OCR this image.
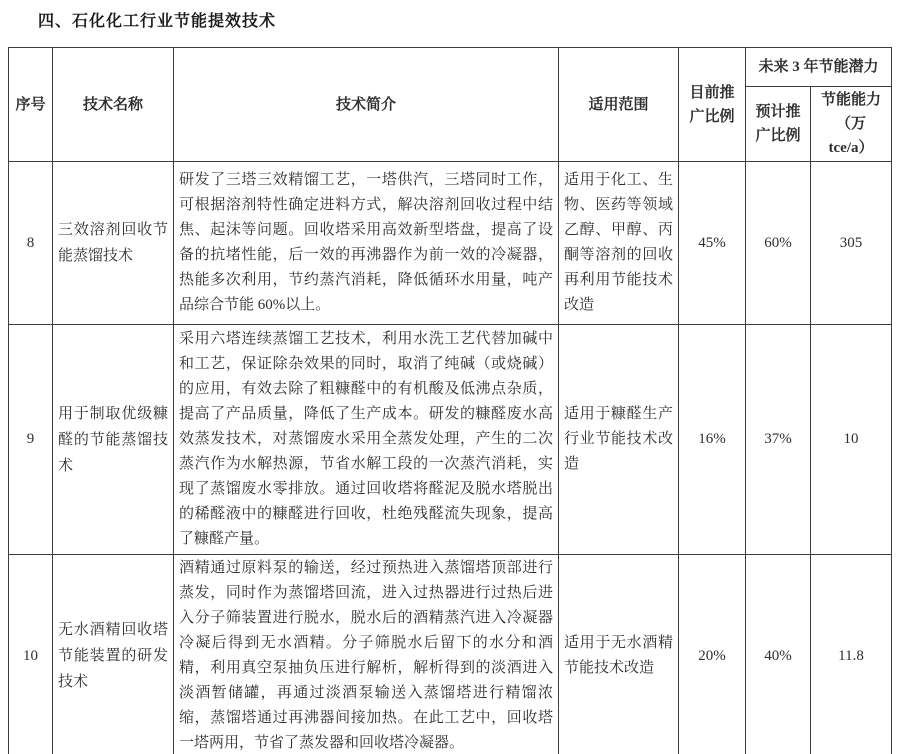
四、石化化工行业节能提效技术
序号	技术名称	技术简介	适用范围	目前推广比例	未来 3 年节能潜力	
					预计推广比例	节能能力
（万 tce/a）
8	三效溶剂回收节能蒸馏技术	研发了三塔三效精馏工艺，一塔供汽，三塔同时工作，可根据溶剂特性确定进料方式，解决溶剂回收过程中结焦、起沫等问题。回收塔采用高效新型塔盘，提高了设备的抗堵性能，后一效的再沸器作为前一效的冷凝器，热能多次利用，节约蒸汽消耗，降低循环水用量，吨产品综合节能 60%以上。	适用于化工、生物、医药等领域乙醇、甲醇、丙酮等溶剂的回收再利用节能技术改造	45%	60%	305
9	用于制取优级糠醛的节能蒸馏技术	采用六塔连续蒸馏工艺技术，利用水洗工艺代替加碱中和工艺，保证除杂效果的同时，取消了纯碱（或烧碱）的应用，有效去除了粗糠醛中的有机酸及低沸点杂质，提高了产品质量，降低了生产成本。研发的糠醛废水高效蒸发技术，对蒸馏废水采用全蒸发处理，产生的二次蒸汽作为水解热源，节省水解工段的一次蒸汽消耗，实现了蒸馏废水零排放。通过回收塔将醛泥及脱水塔脱出的稀醛液中的糠醛进行回收，杜绝残醛流失现象，提高了糠醛产量。	适用于糠醛生产行业节能技术改造	16%	37%	10
10	无水酒精回收塔节能装置的研发技术	酒精通过原料泵的输送，经过预热进入蒸馏塔顶部进行蒸发，同时作为蒸馏塔回流，进入过热器进行过热后进入分子筛装置进行脱水，脱水后的酒精蒸汽进入冷凝器冷凝后得到无水酒精。分子筛脱水后留下的水分和酒精，利用真空泵抽负压进行解析，解析得到的淡酒进入淡酒暂储罐，再通过淡酒泵输送入蒸馏塔进行精馏浓缩，蒸馏塔通过再沸器间接加热。在此工艺中，回收塔一塔两用，节省了蒸发器和回收塔冷凝器。	适用于无水酒精节能技术改造	20%	40%	11.8
